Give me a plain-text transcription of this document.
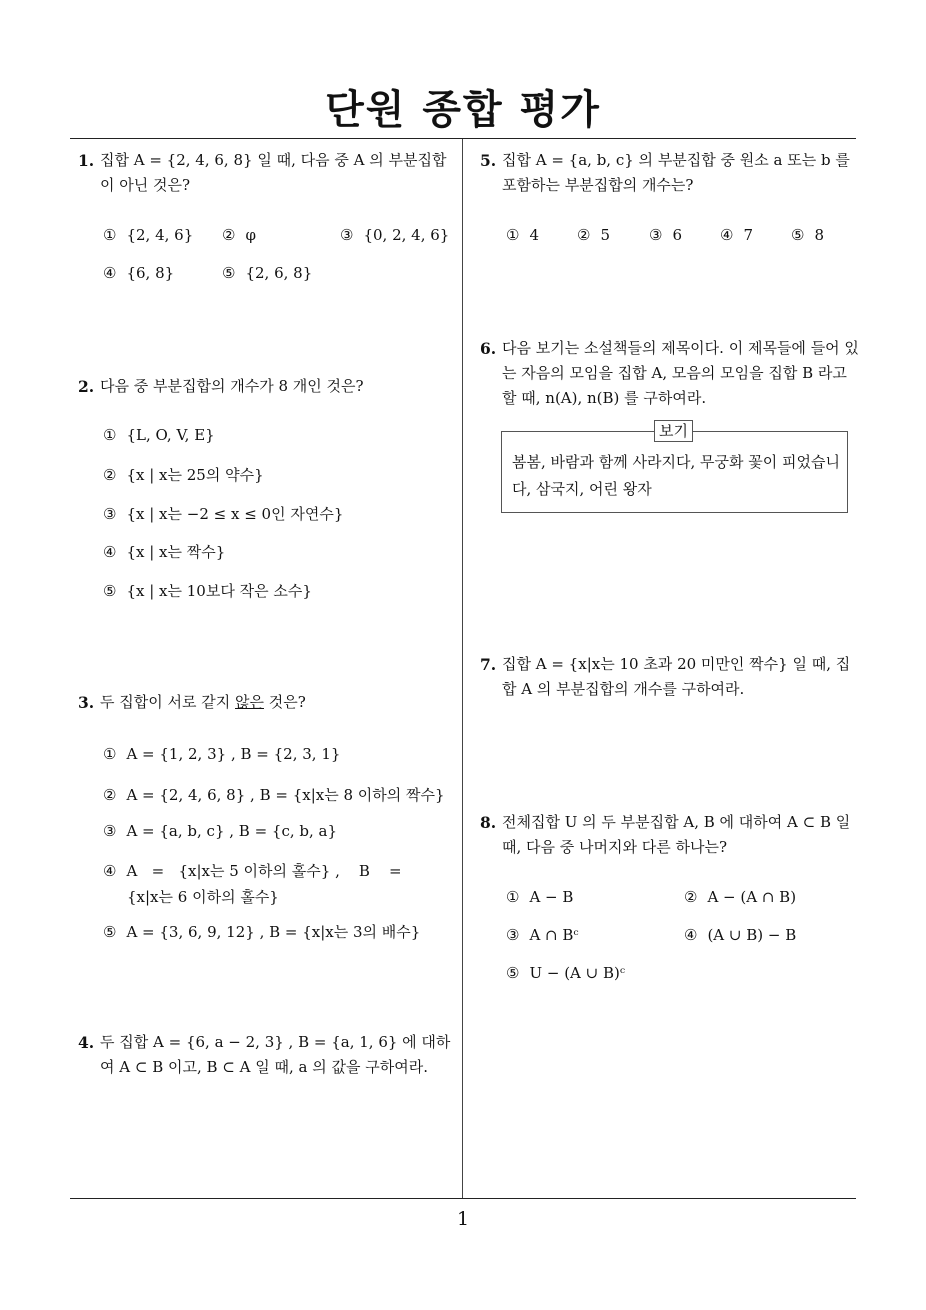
단원 종합 평가
1. 집합 A = {2, 4, 6, 8} 일 때, 다음 중 A 의 부분집합이 아닌 것은?
① {2, 4, 6} ② φ	③ {0, 2, 4, 6}
④ {6, 8}	⑤ {2, 6, 8}
2. 다음 중 부분집합의 개수가 8 개인 것은?
① {L, O, V, E}
② {x | x는 25의 약수}
③ {x | x는 −2 ≤ x ≤ 0인 자연수}
④ {x | x는 짝수}
⑤ {x | x는 10보다 작은 소수}
3. 두 집합이 서로 같지 않은 것은?
① A = {1, 2, 3} , B = {2, 3, 1}
② A = {2, 4, 6, 8} , B = {x|x는 8 이하의 짝수}
③ A = {a, b, c} , B = {c, b, a}
④ A   =   {x|x는 5 이하의 홀수} ,    B    =
{x|x는 6 이하의 홀수}
⑤ A = {3, 6, 9, 12} , B = {x|x는 3의 배수}
4. 두 집합 A = {6, a − 2, 3} , B = {a, 1, 6} 에 대하여 A ⊂ B 이고, B ⊂ A 일 때, a 의 값을 구하여라.
5. 집합 A = {a, b, c} 의 부분집합 중 원소 a 또는 b 를 포함하는 부분집합의 개수는?
① 4	② 5	③ 6	④ 7	⑤ 8
6. 다음 보기는 소설책들의 제목이다. 이 제목들에 들어 있는 자음의 모임을 집합 A, 모음의 모임을 집합 B 라고 할 때, n(A), n(B) 를 구하여라.
보기
봄봄, 바람과 함께 사라지다, 무궁화 꽃이 피었습니다, 삼국지, 어린 왕자
7. 집합 A = {x|x는 10 초과 20 미만인 짝수} 일 때, 집합 A 의 부분집합의 개수를 구하여라.
8. 전체집합 U 의 두 부분집합 A, B 에 대하여 A ⊂ B 일 때, 다음 중 나머지와 다른 하나는?
① A − B	② A − (A ∩ B)
③ A ∩ Bᶜ	④ (A ∪ B) − B
⑤ U − (A ∪ B)ᶜ
1
